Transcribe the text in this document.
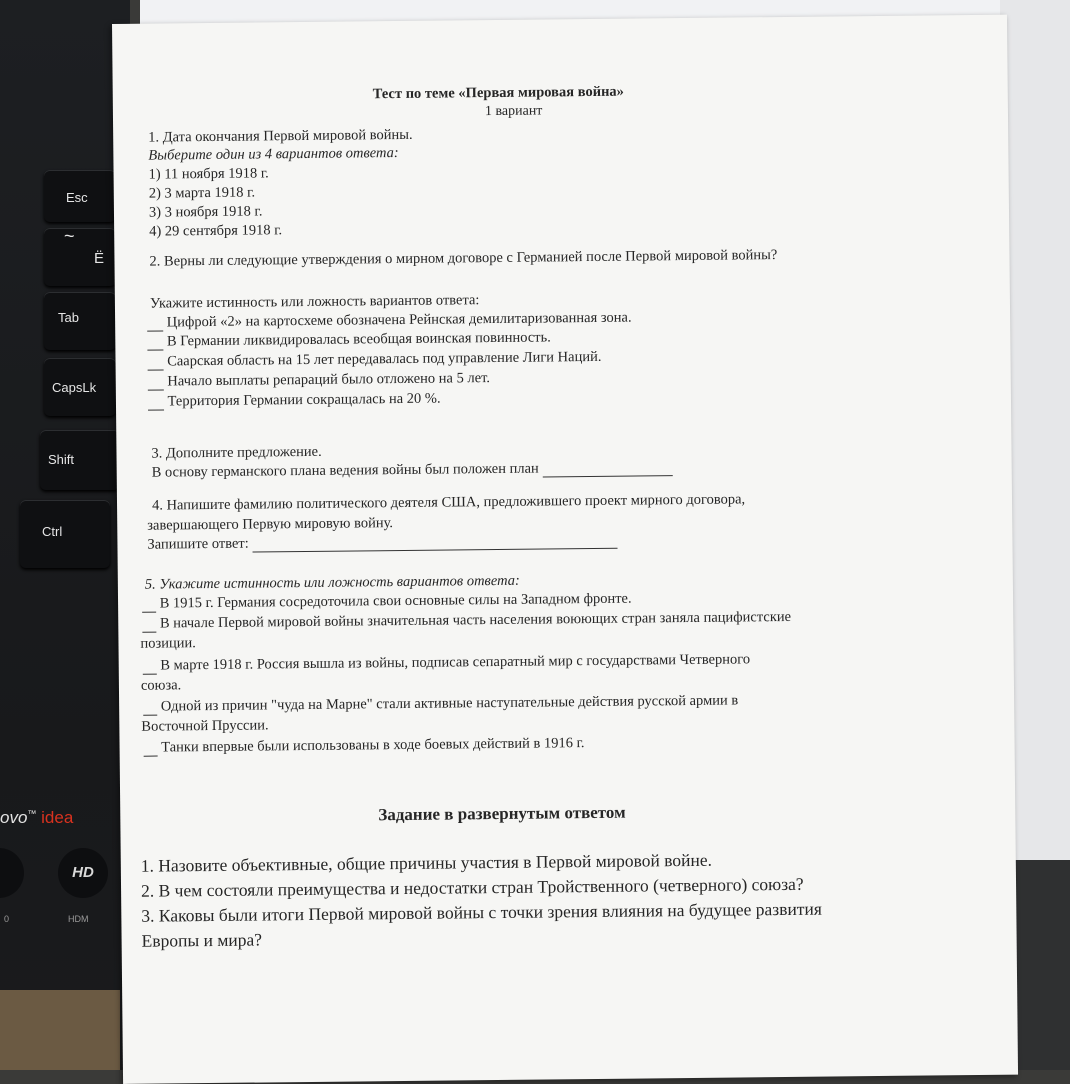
Esc
~
Ë
Tab
CapsLk
Shift
Ctrl
ovo™ idea
HD
0	HDM
Тест по теме «Первая мировая война»
1 вариант
1. Дата окончания Первой мировой войны.
Выберите один из 4 вариантов ответа:
1) 11 ноября 1918 г.
2) 3 марта 1918 г.
3) 3 ноября 1918 г.
4) 29 сентября 1918 г.
2. Верны ли следующие утверждения о мирном договоре с Германией после Первой мировой войны?
Укажите истинность или ложность вариантов ответа:
Цифрой «2» на картосхеме обозначена Рейнская демилитаризованная зона.
В Германии ликвидировалась всеобщая воинская повинность.
Саарская область на 15 лет передавалась под управление Лиги Наций.
Начало выплаты репараций было отложено на 5 лет.
Территория Германии сокращалась на 20 %.
3. Дополните предложение.
В основу германского плана ведения войны был положен план
4. Напишите фамилию политического деятеля США, предложившего проект мирного договора,
завершающего Первую мировую войну.
Запишите ответ:
5. Укажите истинность или ложность вариантов ответа:
В 1915 г. Германия сосредоточила свои основные силы на Западном фронте.
В начале Первой мировой войны значительная часть населения воюющих стран заняла пацифистские
позиции.
В марте 1918 г. Россия вышла из войны, подписав сепаратный мир с государствами Четверного
союза.
Одной из причин "чуда на Марне" стали активные наступательные действия русской армии в
Восточной Пруссии.
Танки впервые были использованы в ходе боевых действий в 1916 г.
Задание в развернутым ответом
1. Назовите объективные, общие причины участия в Первой мировой войне.
2. В чем состояли преимущества и недостатки стран Тройственного (четверного) союза?
3. Каковы были итоги Первой мировой войны с точки зрения влияния на будущее развития
Европы и мира?
